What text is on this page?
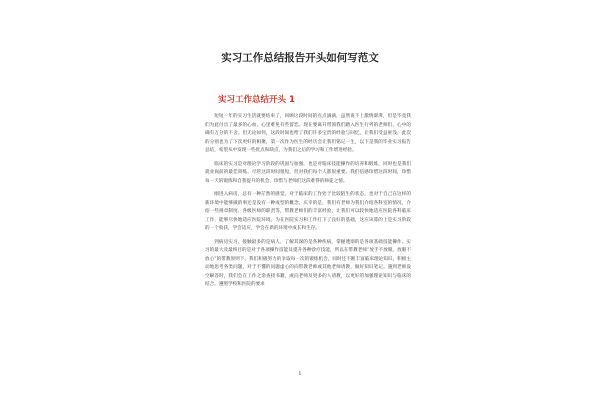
实习工作总结报告开头如何写范文
实习工作总结开头 1

短短一年的实习生活就要结束了，回顾这段时间的点点滴滴，虽然说不上激情澎湃，但是毕竟我们为此付出了最多的心血，心里难免有些留恋。现在要离开带领我们踏入医生行列的老师们，心中的确有万分的不舍。但无论如何，这段时间也给了我们许多宝贵的经验与回忆，让我们受益匪浅。此次的分别也为了下次更好的相聚，第一次作为医生的经历会让我们铭记一生，以下是我的毕业实习报告总结，希望从中发现一些优点和缺点，为我们之后的学习和工作增进经验。

临床的实习是对理论学习阶段的巩固与加强，也是对临床技能操作的培养和锻炼，同时也是我们就业岗前的最佳训练。尽管这段时间很短，但对我们每个人都很重要。我们倍感珍惜这段时间，珍惜每一天的锻炼和自我提升的机会，珍惜与老师们这段难得的师徒之情。

刚进入病房，总有一种茫然的感觉，对于临床的工作处于比较陌生的状态，也对于自己在这样的新环境中能够做的事还是没有一种成型的概念。庆幸的是，我们有老师为我们介绍各科室的情况，介绍一些规章制度、各级医师的职责等，带教老师们的丰富经验，让我们可以较快地适应医院各科临床工作，能够尽快地适应医院环境，为在医院实习和工作打下了良好的基础，这应该算的上是实习阶段的一个收获，学会适应，学会在新的环境中成长和生存。

到病房实习，接触最多的是病人，了解其深的是各种疾病，掌握透彻的是各项基础技能操作。实习的最大及最终目的是对于各项操作技能及提升各种诊疗技能，所以在带教老师“放手不放眼，放眼不放心”的带教原则下，我们积极努力的争取每一次的锻炼机会，同时还不断丰富临床理论知识，积极主动地思考各类问题，对于不懂的问题虚心的向带教老师或其他老师请教，做好知识笔记。遇到老师没空解答时，我们会在工作之余查找书籍，或向老师及更多的人请教，以更好的加强理论知识与临床的结合。遵照学校和医院的要求

1
